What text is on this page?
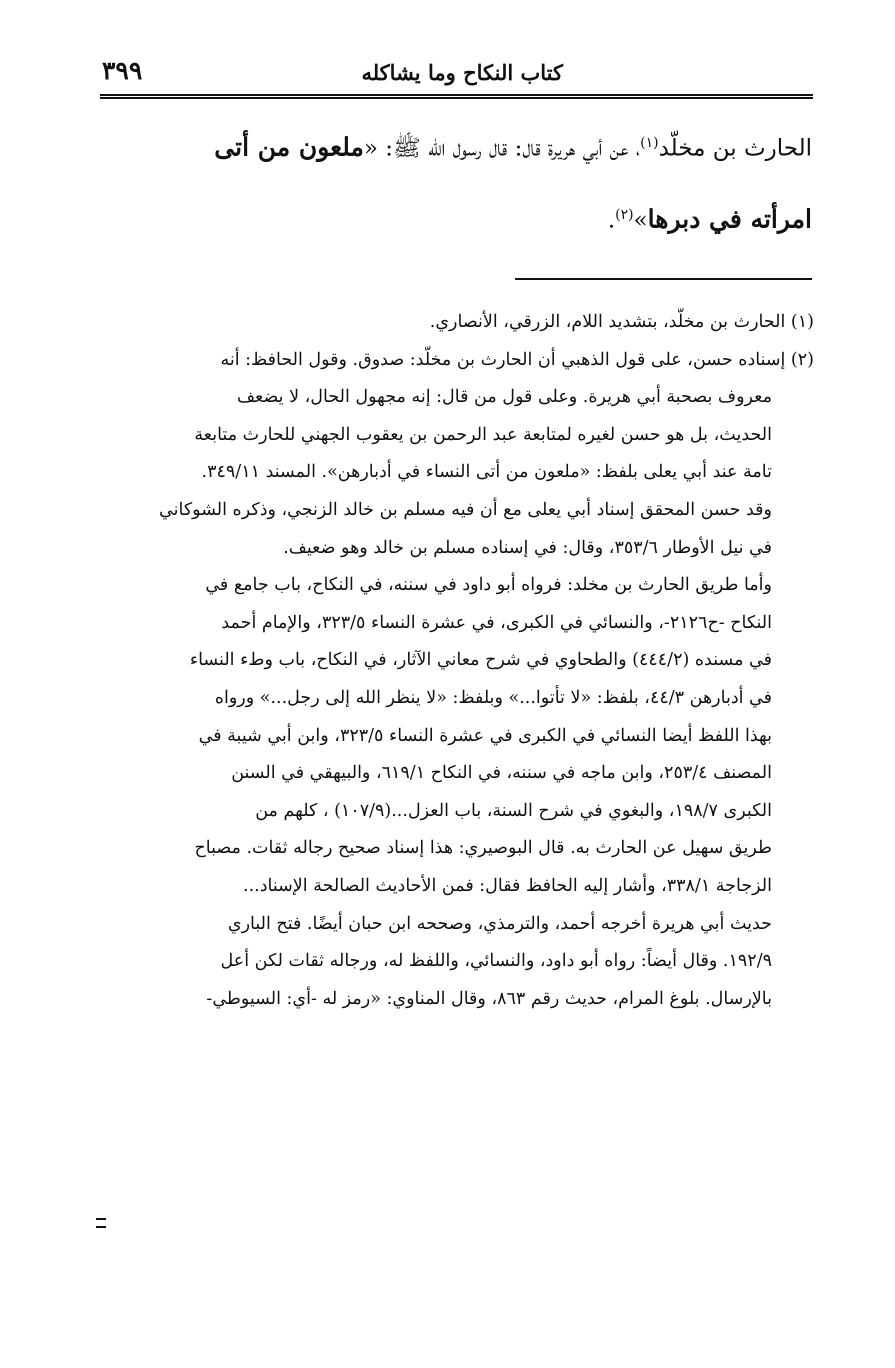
كتاب النكاح وما يشاكله
٣٩٩
الحارث بن مخلّد$^{(١)}$، عن أبي هريرة قال: قال رسول الله ﷺ: «ملعون من أتى
امرأته في دبرها»$^{(٢)}$.
(١) الحارث بن مخلّد، بتشديد اللام، الزرقي، الأنصاري.
(٢) إسناده حسن، على قول الذهبي أن الحارث بن مخلّد: صدوق. وقول الحافظ: أنه
معروف بصحبة أبي هريرة. وعلى قول من قال: إنه مجهول الحال، لا يضعف
الحديث، بل هو حسن لغيره لمتابعة عبد الرحمن بن يعقوب الجهني للحارث متابعة
تامة عند أبي يعلى بلفظ: «ملعون من أتى النساء في أدبارهن». المسند ٣٤٩/١١.
وقد حسن المحقق إسناد أبي يعلى مع أن فيه مسلم بن خالد الزنجي، وذكره الشوكاني
في نيل الأوطار ٣٥٣/٦، وقال: في إسناده مسلم بن خالد وهو ضعيف.
وأما طريق الحارث بن مخلد: فرواه أبو داود في سننه، في النكاح، باب جامع في
النكاح -ح٢١٢٦-، والنسائي في الكبرى، في عشرة النساء ٣٢٣/٥، والإمام أحمد
في مسنده (٤٤٤/٢) والطحاوي في شرح معاني الآثار، في النكاح، باب وطء النساء
في أدبارهن ٤٤/٣، بلفظ: «لا تأتوا...» وبلفظ: «لا ينظر الله إلى رجل...» ورواه
بهذا اللفظ أيضا النسائي في الكبرى في عشرة النساء ٣٢٣/٥، وابن أبي شيبة في
المصنف ٢٥٣/٤، وابن ماجه في سننه، في النكاح ٦١٩/١، والبيهقي في السنن
الكبرى ١٩٨/٧، والبغوي في شرح السنة، باب العزل...(١٠٧/٩) ، كلهم من
طريق سهيل عن الحارث به. قال البوصيري: هذا إسناد صحيح رجاله ثقات. مصباح
الزجاجة ٣٣٨/١، وأشار إليه الحافظ فقال: فمن الأحاديث الصالحة الإسناد...
حديث أبي هريرة أخرجه أحمد، والترمذي، وصححه ابن حبان أيضًا. فتح الباري
١٩٢/٩. وقال أيضاً: رواه أبو داود، والنسائي، واللفظ له، ورجاله ثقات لكن أعل
بالإرسال. بلوغ المرام، حديث رقم ٨٦٣، وقال المناوي: «رمز له -أي: السيوطي-
